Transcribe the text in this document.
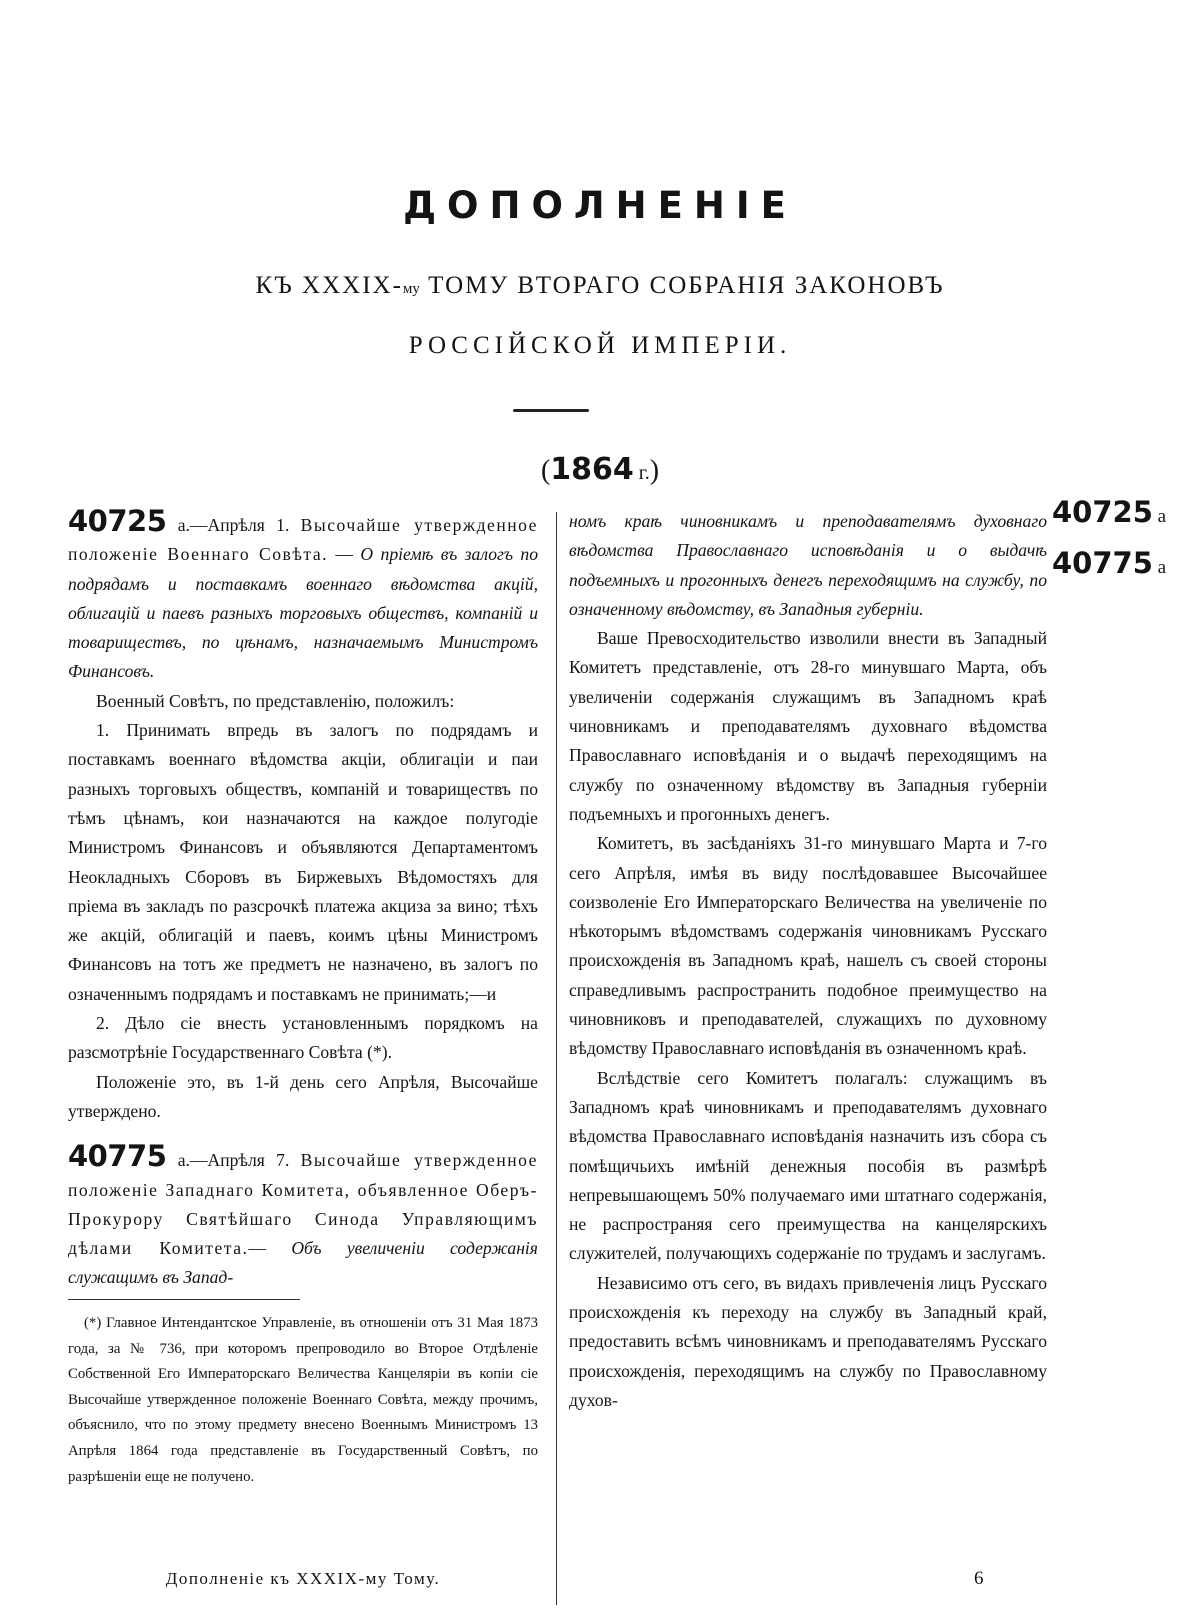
ДОПОЛНЕНІЕ
КЪ XXXIX-му ТОМУ ВТОРАГО СОБРАНІЯ ЗАКОНОВЪ
РОССІЙСКОЙ ИМПЕРІИ.
(1864 г.)

40725 а.—Апрѣля 1. Высочайше утвержденное положеніе Военнаго Совѣта. — О пріемѣ въ залогъ по подрядамъ и поставкамъ военнаго вѣдомства акцій, облигацій и паевъ разныхъ торговыхъ обществъ, компаній и товариществъ, по цѣнамъ, назначаемымъ Министромъ Финансовъ.

Военный Совѣтъ, по представленію, положилъ:

1. Принимать впредь въ залогъ по подрядамъ и поставкамъ военнаго вѣдомства акціи, облигаціи и паи разныхъ торговыхъ обществъ, компаній и товариществъ по тѣмъ цѣнамъ, кои назначаются на каждое полугодіе Министромъ Финансовъ и объявляются Департаментомъ Неокладныхъ Сборовъ въ Биржевыхъ Вѣдомостяхъ для пріема въ закладъ по разсрочкѣ платежа акциза за вино; тѣхъ же акцій, облигацій и паевъ, коимъ цѣны Министромъ Финансовъ на тотъ же предметъ не назначено, въ залогъ по означеннымъ подрядамъ и поставкамъ не принимать;—и

2. Дѣло сіе внесть установленнымъ порядкомъ на разсмотрѣніе Государственнаго Совѣта (*).

Положеніе это, въ 1-й день сего Апрѣля, Высочайше утверждено.

40775 а.—Апрѣля 7. Высочайше утвержденное положеніе Западнаго Комитета, объявленное Оберъ-Прокурору Святѣйшаго Синода Управляющимъ дѣлами Комитета.— Объ увеличеніи содержанія служащимъ въ Запад-

(*) Главное Интендантское Управленіе, въ отношеніи отъ 31 Мая 1873 года, за № 736, при которомъ препроводило во Второе Отдѣленіе Собственной Его Императорскаго Величества Канцеляріи въ копіи сіе Высочайше утвержденное положеніе Военнаго Совѣта, между прочимъ, объяснило, что по этому предмету внесено Военнымъ Министромъ 13 Апрѣля 1864 года представленіе въ Государственный Совѣтъ, по разрѣшеніи еще не получено.

Дополненіе къ XXXIX-му Тому.	6

номъ краѣ чиновникамъ и преподавателямъ духовнаго вѣдомства Православнаго исповѣданія и о выдачѣ подъемныхъ и прогонныхъ денегъ переходящимъ на службу, по означенному вѣдомству, въ Западныя губерніи.

Ваше Превосходительство изволили внести въ Западный Комитетъ представленіе, отъ 28-го минувшаго Марта, объ увеличеніи содержанія служащимъ въ Западномъ краѣ чиновникамъ и преподавателямъ духовнаго вѣдомства Православнаго исповѣданія и о выдачѣ переходящимъ на службу по означенному вѣдомству въ Западныя губерніи подъемныхъ и прогонныхъ денегъ.

Комитетъ, въ засѣданіяхъ 31-го минувшаго Марта и 7-го сего Апрѣля, имѣя въ виду послѣдовавшее Высочайшее соизволеніе Его Императорскаго Величества на увеличеніе по нѣкоторымъ вѣдомствамъ содержанія чиновникамъ Русскаго происхожденія въ Западномъ краѣ, нашелъ съ своей стороны справедливымъ распространить подобное преимущество на чиновниковъ и преподавателей, служащихъ по духовному вѣдомству Православнаго исповѣданія въ означенномъ краѣ.

Вслѣдствіе сего Комитетъ полагалъ: служащимъ въ Западномъ краѣ чиновникамъ и преподавателямъ духовнаго вѣдомства Православнаго исповѣданія назначить изъ сбора съ помѣщичьихъ имѣній денежныя пособія въ размѣрѣ непревышающемъ 50% получаемаго ими штатнаго содержанія, не распространяя сего преимущества на канцелярскихъ служителей, получающихъ содержаніе по трудамъ и заслугамъ.

Независимо отъ сего, въ видахъ привлеченія лицъ Русскаго происхожденія къ переходу на службу въ Западный край, предоставить всѣмъ чиновникамъ и преподавателямъ Русскаго происхожденія, переходящимъ на службу по Православному духов-

40725 а
40775 а
